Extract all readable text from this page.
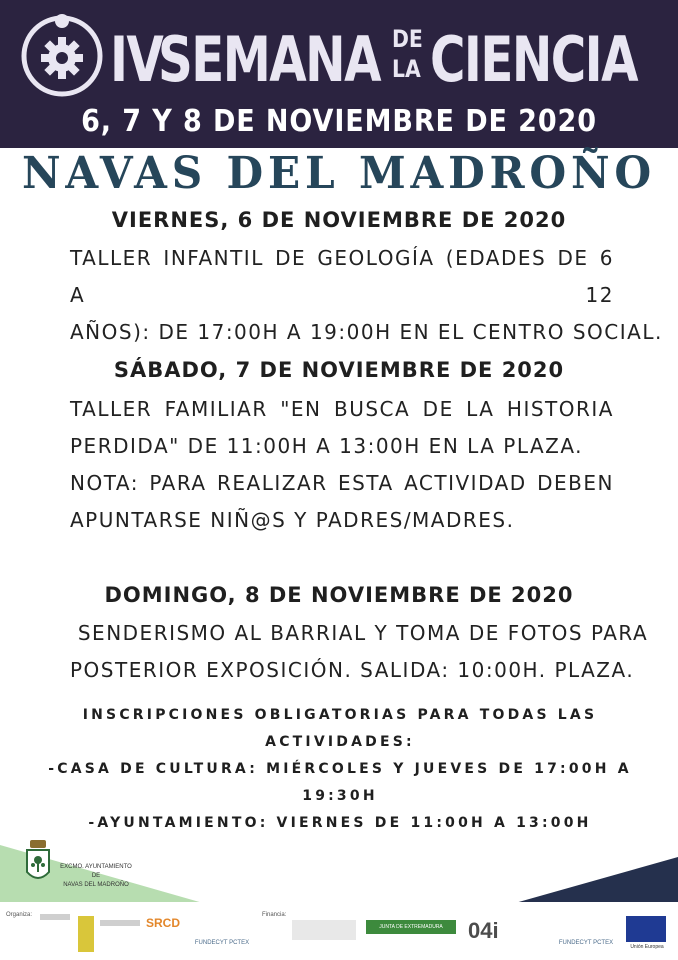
IV
SEMANA DE
LA CIENCIA
6, 7 Y 8 DE NOVIEMBRE DE 2020
NAVAS DEL MADROÑO
VIERNES, 6 DE NOVIEMBRE DE 2020
TALLER INFANTIL DE GEOLOGÍA (EDADES DE 6 A 12
AÑOS): DE 17:00H A 19:00H EN EL CENTRO SOCIAL.
SÁBADO, 7 DE NOVIEMBRE DE 2020
TALLER FAMILIAR "EN BUSCA DE LA HISTORIA
PERDIDA" DE 11:00H A 13:00H EN LA PLAZA.
NOTA: PARA REALIZAR ESTA ACTIVIDAD DEBEN
APUNTARSE NIÑ@S Y PADRES/MADRES.
DOMINGO, 8 DE NOVIEMBRE DE 2020
SENDERISMO AL BARRIAL Y TOMA DE FOTOS PARA
POSTERIOR EXPOSICIÓN. SALIDA: 10:00H. PLAZA.
INSCRIPCIONES OBLIGATORIAS PARA TODAS LAS
ACTIVIDADES:
-CASA DE CULTURA: MIÉRCOLES Y JUEVES DE 17:00H A
19:30H
-AYUNTAMIENTO: VIERNES DE 11:00H A 13:00H
EXCMO. AYUNTAMIENTO DE
NAVAS DEL MADROÑO
Organiza:
SRCD
FUNDECYT PCTEX
Financia:
JUNTA DE EXTREMADURA	04i	FUNDECYT PCTEX
Unión Europea
